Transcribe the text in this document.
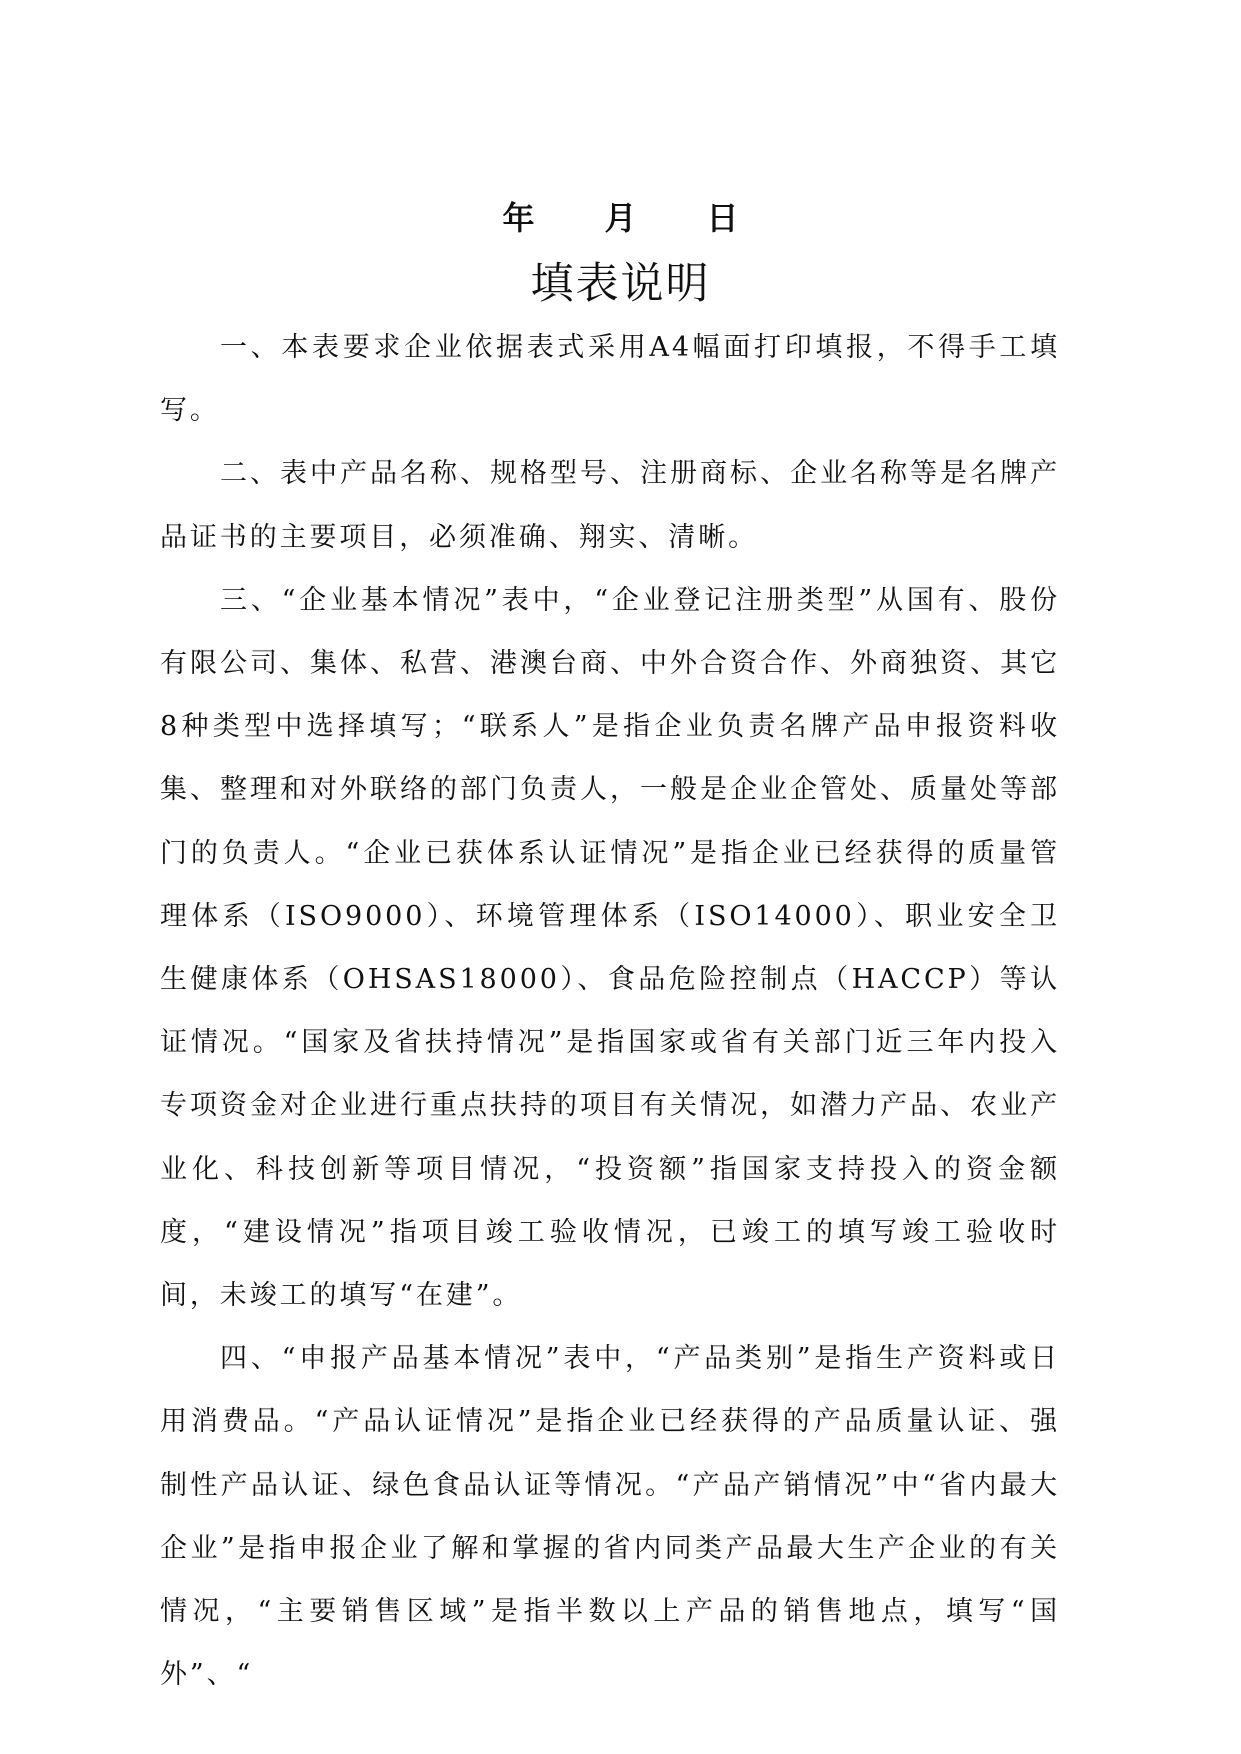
年 月 日
填表说明

一、本表要求企业依据表式采用A4幅面打印填报，不得手工填写。

二、表中产品名称、规格型号、注册商标、企业名称等是名牌产品证书的主要项目，必须准确、翔实、清晰。

三、“企业基本情况”表中，“企业登记注册类型”从国有、股份有限公司、集体、私营、港澳台商、中外合资合作、外商独资、其它8种类型中选择填写；“联系人”是指企业负责名牌产品申报资料收集、整理和对外联络的部门负责人，一般是企业企管处、质量处等部门的负责人。“企业已获体系认证情况”是指企业已经获得的质量管理体系（ISO9000）、环境管理体系（ISO14000）、职业安全卫生健康体系（OHSAS18000）、食品危险控制点（HACCP）等认证情况。“国家及省扶持情况”是指国家或省有关部门近三年内投入专项资金对企业进行重点扶持的项目有关情况，如潜力产品、农业产业化、科技创新等项目情况，“投资额”指国家支持投入的资金额度，“建设情况”指项目竣工验收情况，已竣工的填写竣工验收时间，未竣工的填写“在建”。

四、“申报产品基本情况”表中，“产品类别”是指生产资料或日用消费品。“产品认证情况”是指企业已经获得的产品质量认证、强制性产品认证、绿色食品认证等情况。“产品产销情况”中“省内最大企业”是指申报企业了解和掌握的省内同类产品最大生产企业的有关情况，“主要销售区域”是指半数以上产品的销售地点，填写“国外”、“
